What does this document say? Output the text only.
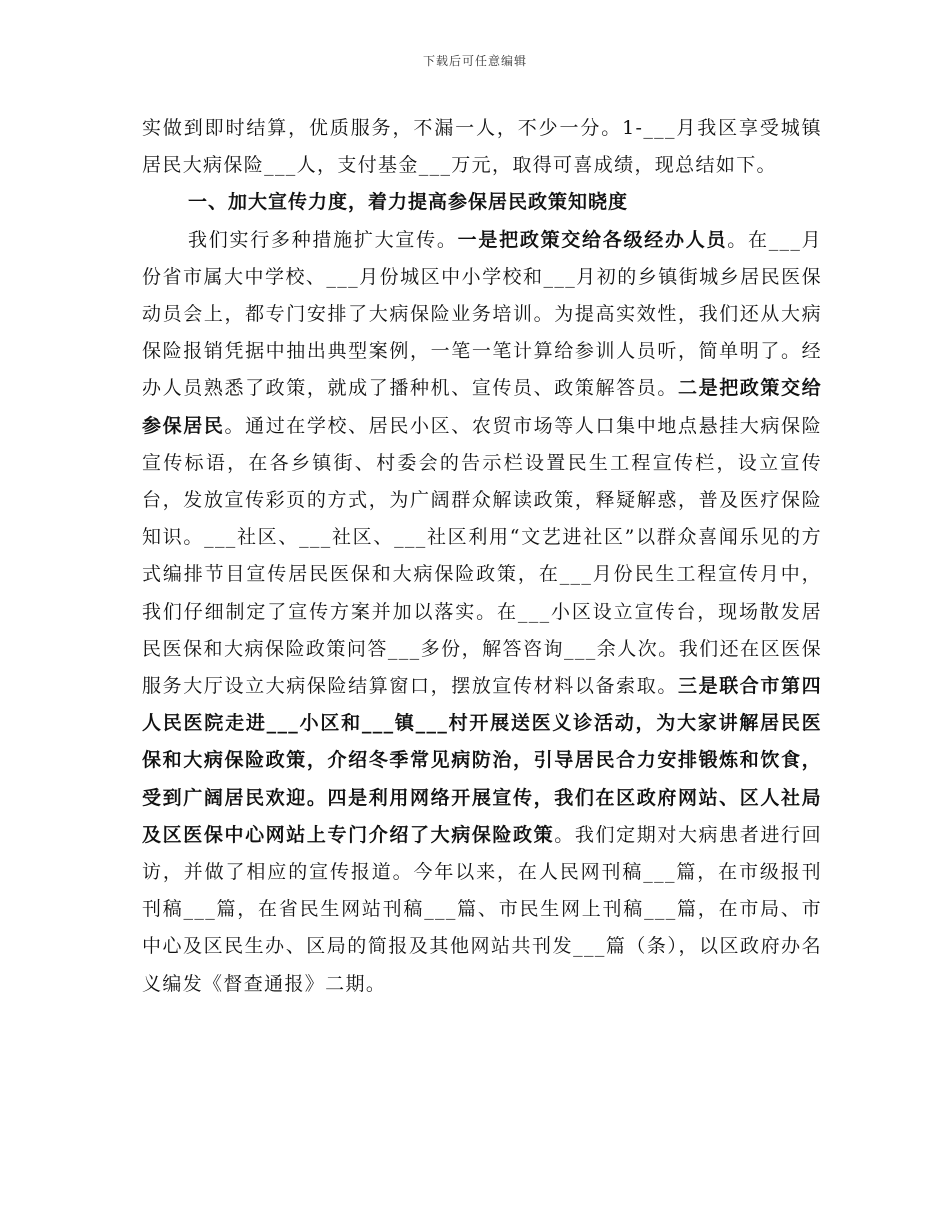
下载后可任意编辑

实做到即时结算，优质服务，不漏一人，不少一分。1-___月我区享受城镇居民大病保险___人，支付基金___万元，取得可喜成绩，现总结如下。

一、加大宣传力度，着力提高参保居民政策知晓度

我们实行多种措施扩大宣传。一是把政策交给各级经办人员。在___月份省市属大中学校、___月份城区中小学校和___月初的乡镇街城乡居民医保动员会上，都专门安排了大病保险业务培训。为提高实效性，我们还从大病保险报销凭据中抽出典型案例，一笔一笔计算给参训人员听，简单明了。经办人员熟悉了政策，就成了播种机、宣传员、政策解答员。二是把政策交给参保居民。通过在学校、居民小区、农贸市场等人口集中地点悬挂大病保险宣传标语，在各乡镇街、村委会的告示栏设置民生工程宣传栏，设立宣传台，发放宣传彩页的方式，为广阔群众解读政策，释疑解惑，普及医疗保险知识。___社区、___社区、___社区利用“文艺进社区”以群众喜闻乐见的方式编排节目宣传居民医保和大病保险政策，在___月份民生工程宣传月中，我们仔细制定了宣传方案并加以落实。在___小区设立宣传台，现场散发居民医保和大病保险政策问答___多份，解答咨询___余人次。我们还在区医保服务大厅设立大病保险结算窗口，摆放宣传材料以备索取。三是联合市第四人民医院走进___小区和___镇___村开展送医义诊活动，为大家讲解居民医保和大病保险政策，介绍冬季常见病防治，引导居民合力安排锻炼和饮食，受到广阔居民欢迎。四是利用网络开展宣传，我们在区政府网站、区人社局及区医保中心网站上专门介绍了大病保险政策。我们定期对大病患者进行回访，并做了相应的宣传报道。今年以来，在人民网刊稿___篇，在市级报刊刊稿___篇，在省民生网站刊稿___篇、市民生网上刊稿___篇，在市局、市中心及区民生办、区局的简报及其他网站共刊发___篇（条），以区政府办名义编发《督查通报》二期。
